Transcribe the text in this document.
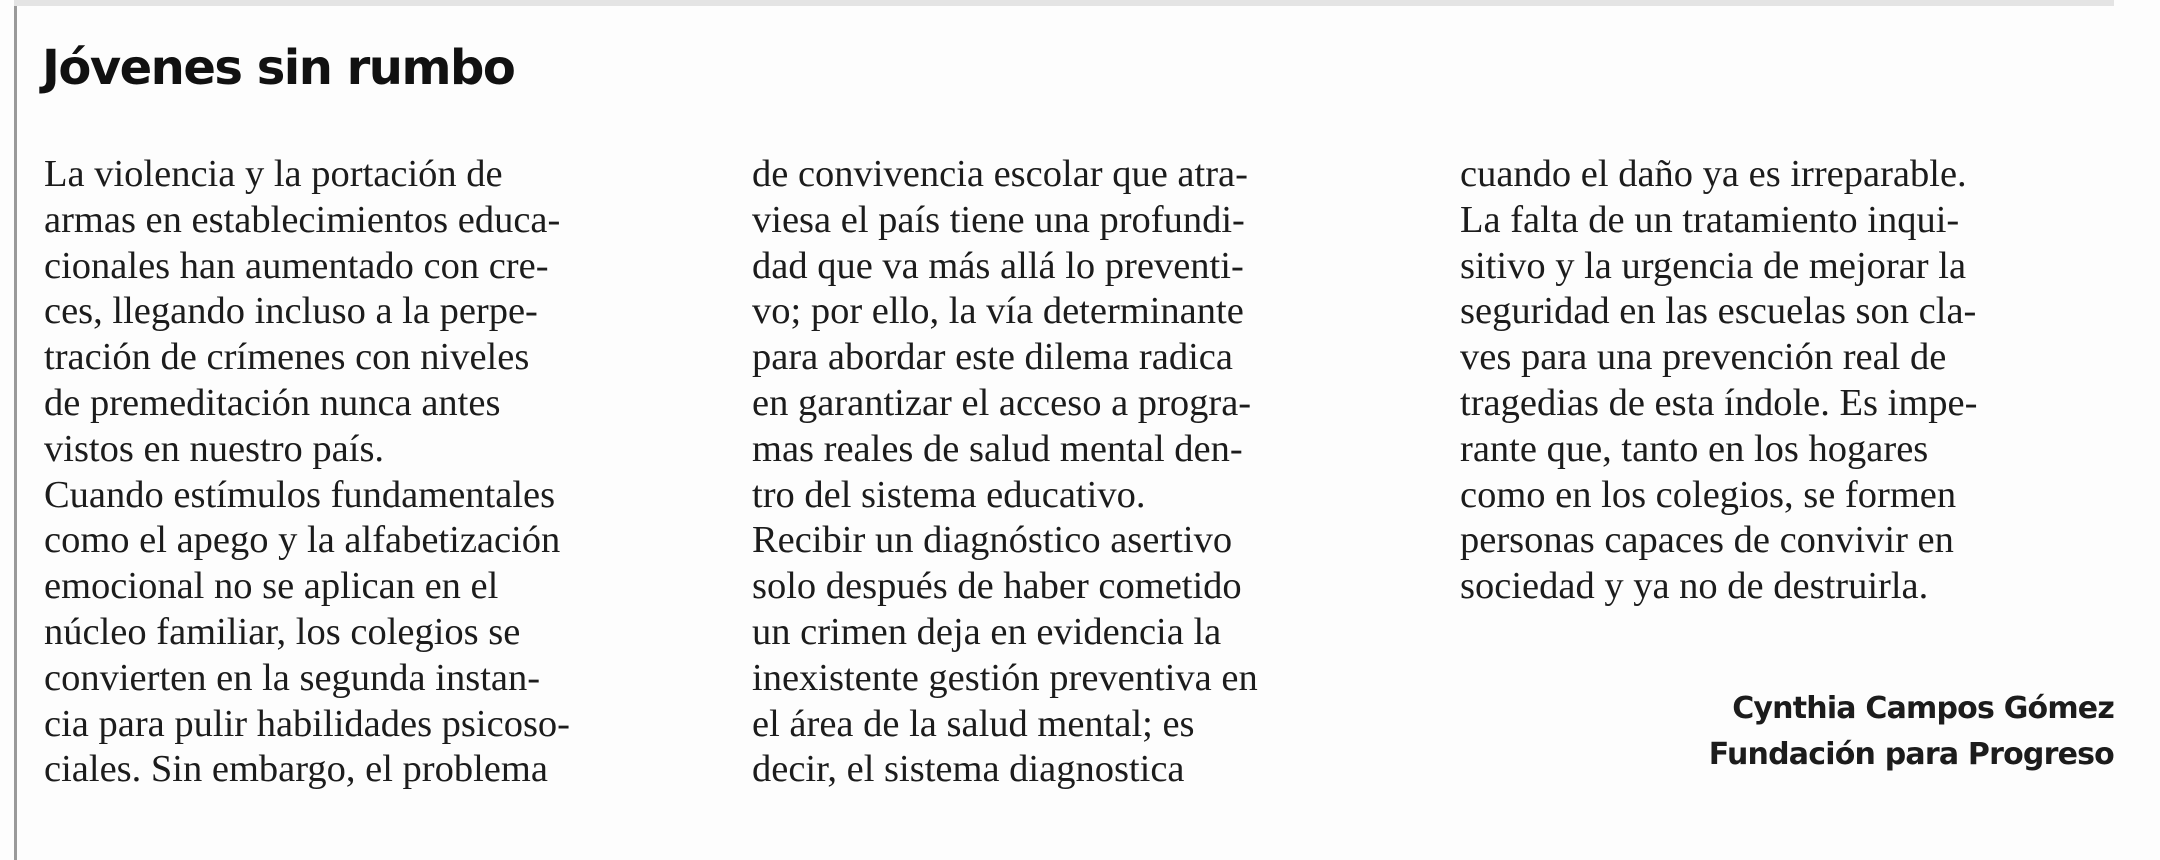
Jóvenes sin rumbo
La violencia y la portación de
armas en establecimientos educa-
cionales han aumentado con cre-
ces, llegando incluso a la perpe-
tración de crímenes con niveles
de premeditación nunca antes
vistos en nuestro país.
Cuando estímulos fundamentales
como el apego y la alfabetización
emocional no se aplican en el
núcleo familiar, los colegios se
convierten en la segunda instan-
cia para pulir habilidades psicoso-
ciales. Sin embargo, el problema
de convivencia escolar que atra-
viesa el país tiene una profundi-
dad que va más allá lo preventi-
vo; por ello, la vía determinante
para abordar este dilema radica
en garantizar el acceso a progra-
mas reales de salud mental den-
tro del sistema educativo.
Recibir un diagnóstico asertivo
solo después de haber cometido
un crimen deja en evidencia la
inexistente gestión preventiva en
el área de la salud mental; es
decir, el sistema diagnostica
cuando el daño ya es irreparable.
La falta de un tratamiento inqui-
sitivo y la urgencia de mejorar la
seguridad en las escuelas son cla-
ves para una prevención real de
tragedias de esta índole. Es impe-
rante que, tanto en los hogares
como en los colegios, se formen
personas capaces de convivir en
sociedad y ya no de destruirla.
Cynthia Campos Gómez
Fundación para Progreso
